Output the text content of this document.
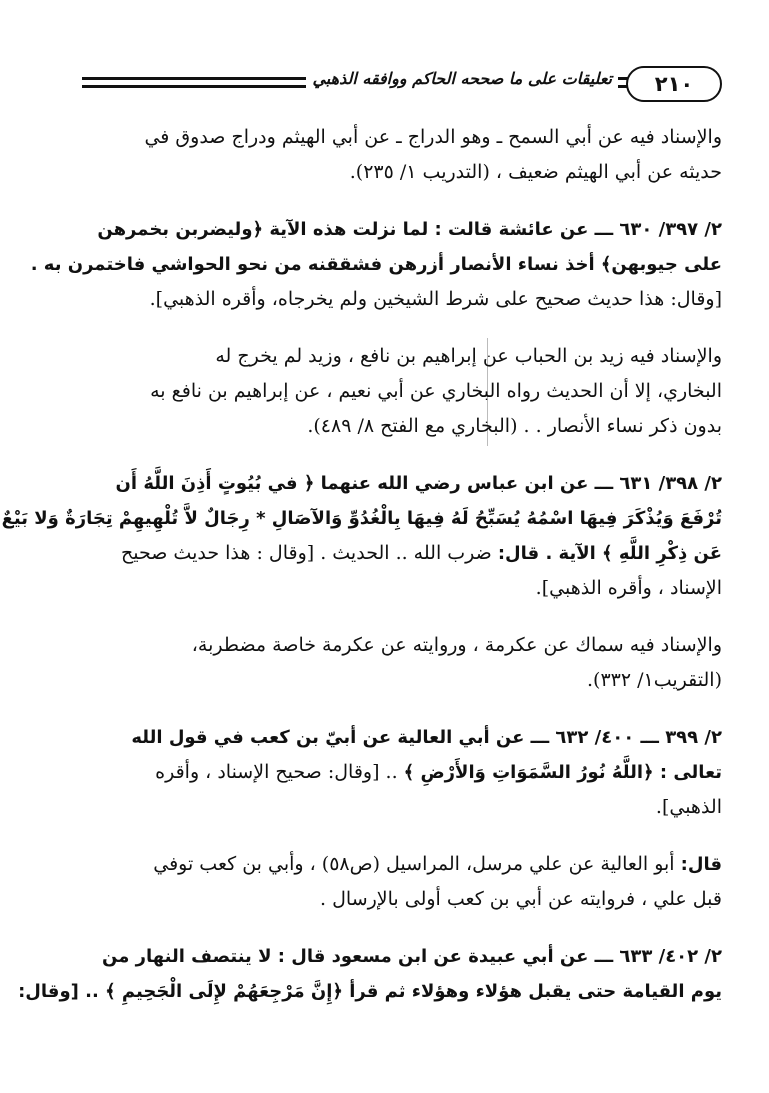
تعليقات على ما صححه الحاكم ووافقه الذهبي	٢١٠
والإسناد فيه عن أبي السمح ـ وهو الدراج ـ عن أبي الهيثم ودراج صدوق في
حديثه عن أبي الهيثم ضعيف ، (التدريب ١/ ٢٣٥).
٢/ ٣٩٧/ ٦٣٠ ـــ عن عائشة قالت : لما نزلت هذه الآية ﴿وليضربن بخمرهن
على جيوبهن﴾ أخذ نساء الأنصار أزرهن فشققنه من نحو الحواشي فاختمرن به .
[وقال: هذا حديث صحيح على شرط الشيخين ولم يخرجاه، وأقره الذهبي].
والإسناد فيه زيد بن الحباب عن إبراهيم بن نافع ، وزيد لم يخرج له
البخاري، إلا أن الحديث رواه البخاري عن أبي نعيم ، عن إبراهيم بن نافع به
بدون ذكر نساء الأنصار . . (البخاري مع الفتح ٨/ ٤٨٩).
٢/ ٣٩٨/ ٦٣١ ـــ عن ابن عباس رضي الله عنهما ﴿ في بُيُوتٍ أَذِنَ اللَّهُ أَن
تُرْفَعَ وَيُذْكَرَ فِيهَا اسْمُهُ يُسَبِّحُ لَهُ فِيهَا بِالْغُدُوِّ وَالآصَالِ * رِجَالٌ لاَّ تُلْهِيهِمْ تِجَارَةٌ وَلا بَيْعٌ
عَن ذِكْرِ اللَّهِ ﴾ الآية . قال: ضرب الله .. الحديث . [وقال : هذا حديث صحيح
الإسناد ، وأقره الذهبي].
والإسناد فيه سماك عن عكرمة ، وروايته عن عكرمة خاصة مضطربة،
(التقريب١/ ٣٣٢).
٢/ ٣٩٩ ـــ ٤٠٠/ ٦٣٢ ـــ عن أبي العالية عن أبيّ بن كعب في قول الله
تعالى : ﴿اللَّهُ نُورُ السَّمَوَاتِ وَالأَرْضِ ﴾ .. [وقال: صحيح الإسناد ، وأقره
الذهبي].
قال: أبو العالية عن علي مرسل، المراسيل (ص٥٨) ، وأبي بن كعب توفي
قبل علي ، فروايته عن أبي بن كعب أولى بالإرسال .
٢/ ٤٠٢/ ٦٣٣ ـــ عن أبي عبيدة عن ابن مسعود قال : لا ينتصف النهار من
يوم القيامة حتى يقبل هؤلاء وهؤلاء ثم قرأ ﴿إِنَّ مَرْجِعَهُمْ لإِلَى الْجَحِيمِ ﴾ .. [وقال:
